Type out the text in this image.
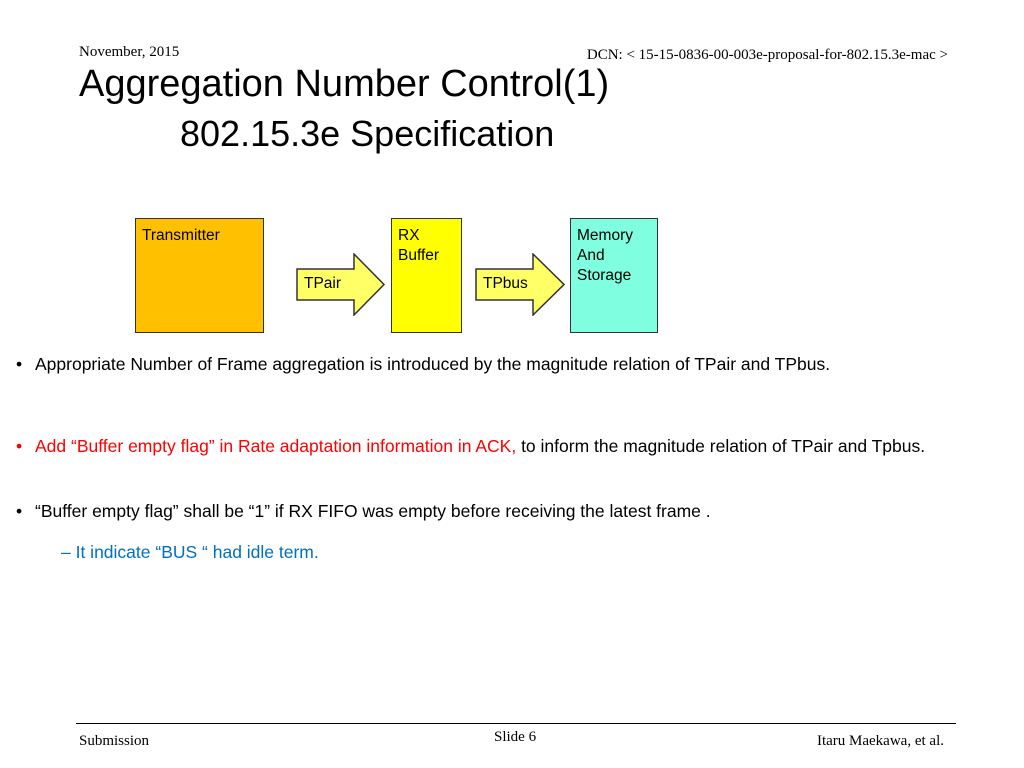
November, 2015	DCN: < 15-15-0836-00-003e-proposal-for-802.15.3e-mac >
Aggregation Number Control(1)
802.15.3e Specification
Transmitter
TPair
RX
Buffer
TPbus
Memory
And
Storage
• Appropriate Number of Frame aggregation is introduced by the magnitude relation of TPair and TPbus.
• Add “Buffer empty flag” in Rate adaptation information in ACK, to inform the magnitude relation of TPair and Tpbus.
• “Buffer empty flag” shall be “1” if RX FIFO was empty before receiving the latest frame .
– It indicate “BUS “ had idle term.
Submission	Slide 6	Itaru Maekawa, et al.
